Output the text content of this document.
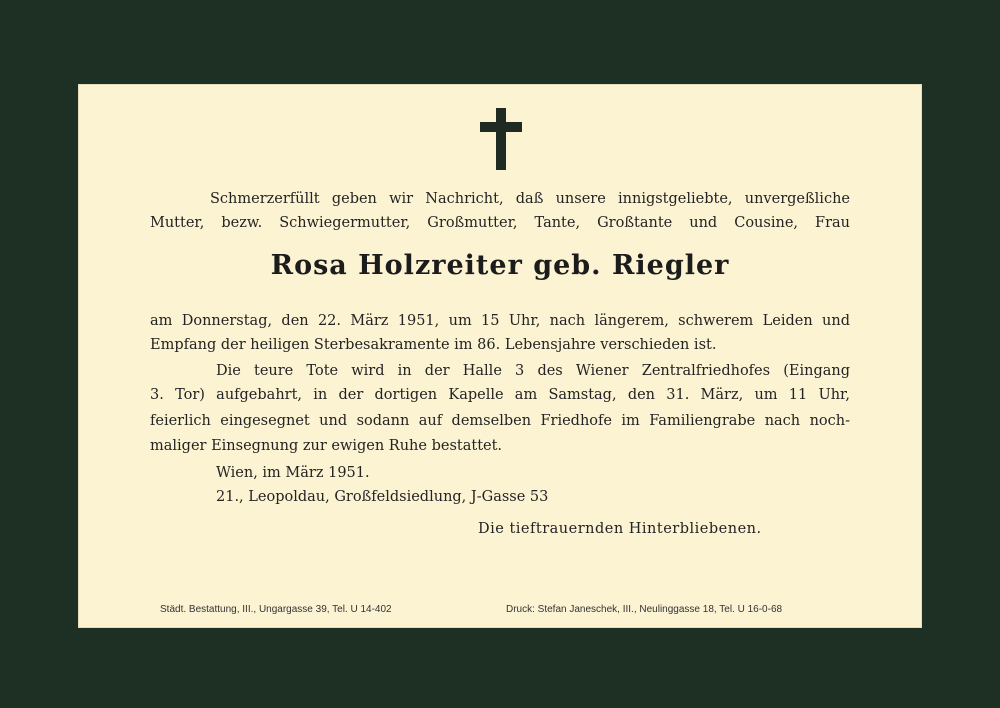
Schmerzerfüllt geben wir Nachricht, daß unsere innigstgeliebte, unvergeßliche
Mutter, bezw. Schwiegermutter, Großmutter, Tante, Großtante und Cousine, Frau
Rosa Holzreiter geb. Riegler
am Donnerstag, den 22. März 1951, um 15 Uhr, nach längerem, schwerem Leiden und
Empfang der heiligen Sterbesakramente im 86. Lebensjahre verschieden ist.
Die teure Tote wird in der Halle 3 des Wiener Zentralfriedhofes (Eingang
3. Tor) aufgebahrt, in der dortigen Kapelle am Samstag, den 31. März, um 11 Uhr,
feierlich eingesegnet und sodann auf demselben Friedhofe im Familiengrabe nach noch-
maliger Einsegnung zur ewigen Ruhe bestattet.
Wien, im März 1951.
21., Leopoldau, Großfeldsiedlung, J-Gasse 53
Die tieftrauernden Hinterbliebenen.
Städt. Bestattung, III., Ungargasse 39, Tel. U 14-402	Druck: Stefan Janeschek, III., Neulinggasse 18, Tel. U 16-0-68
